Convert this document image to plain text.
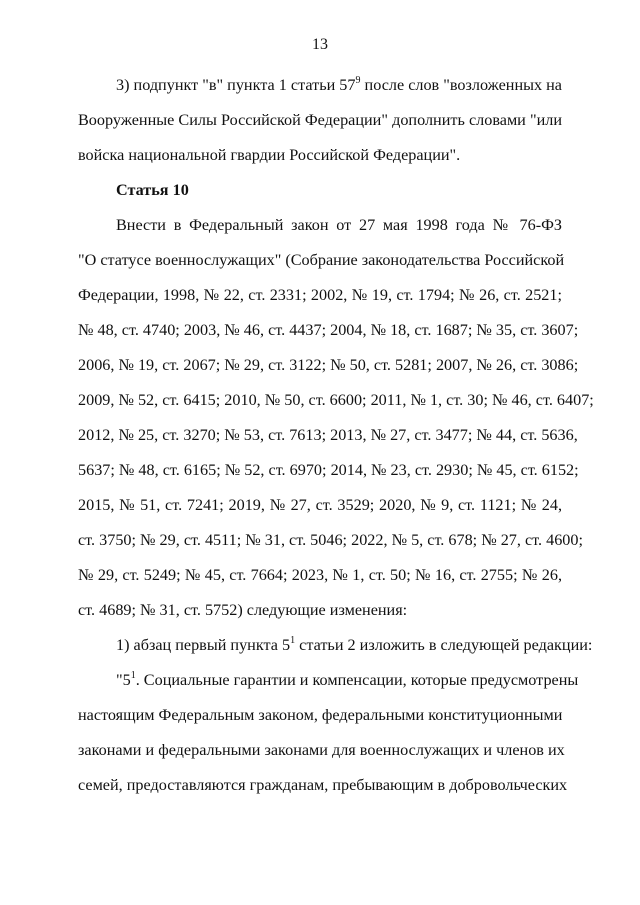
13
3) подпункт "в" пункта 1 статьи $57^9$ после слов "возложенных на
Вооруженные Силы Российской Федерации" дополнить словами "или
войска национальной гвардии Российской Федерации".
Статья 10
Внести в Федеральный закон от 27 мая 1998 года № 76-ФЗ
"О статусе военнослужащих" (Собрание законодательства Российской
Федерации, 1998, № 22, ст. 2331; 2002, № 19, ст. 1794; № 26, ст. 2521;
№ 48, ст. 4740; 2003, № 46, ст. 4437; 2004, № 18, ст. 1687; № 35, ст. 3607;
2006, № 19, ст. 2067; № 29, ст. 3122; № 50, ст. 5281; 2007, № 26, ст. 3086;
2009, № 52, ст. 6415; 2010, № 50, ст. 6600; 2011, № 1, ст. 30; № 46, ст. 6407;
2012, № 25, ст. 3270; № 53, ст. 7613; 2013, № 27, ст. 3477; № 44, ст. 5636,
5637; № 48, ст. 6165; № 52, ст. 6970; 2014, № 23, ст. 2930; № 45, ст. 6152;
2015, № 51, ст. 7241; 2019, № 27, ст. 3529; 2020, № 9, ст. 1121; № 24,
ст. 3750; № 29, ст. 4511; № 31, ст. 5046; 2022, № 5, ст. 678; № 27, ст. 4600;
№ 29, ст. 5249; № 45, ст. 7664; 2023, № 1, ст. 50; № 16, ст. 2755; № 26,
ст. 4689; № 31, ст. 5752) следующие изменения:
1) абзац первый пункта $5^1$ статьи 2 изложить в следующей редакции:
"$5^1$. Социальные гарантии и компенсации, которые предусмотрены
настоящим Федеральным законом, федеральными конституционными
законами и федеральными законами для военнослужащих и членов их
семей, предоставляются гражданам, пребывающим в добровольческих
